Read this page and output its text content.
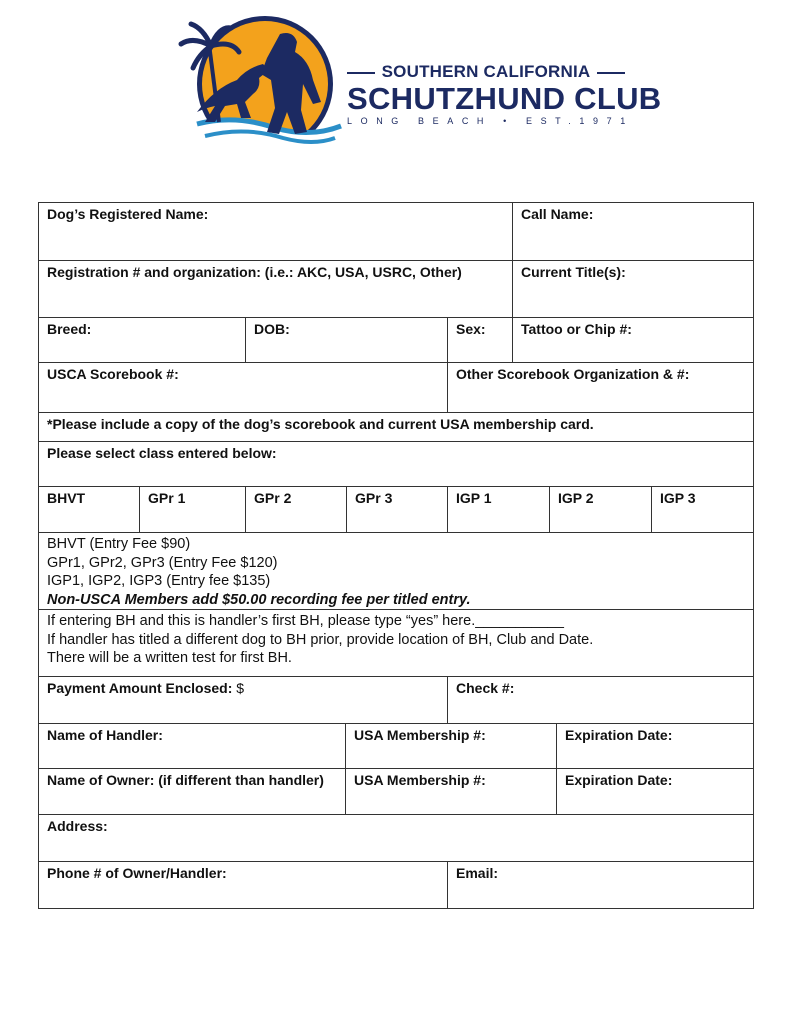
SOUTHERN CALIFORNIA
SCHUTZHUND CLUB
LONG BEACH • EST.1971
Dog’s Registered Name:	Call Name:
Registration # and organization: (i.e.: AKC, USA, USRC, Other)	Current Title(s):
Breed:	DOB:	Sex:	Tattoo or Chip #:
USCA Scorebook #:	Other Scorebook Organization & #:
*Please include a copy of the dog’s scorebook and current USA membership card.
Please select class entered below:
BHVT	GPr 1	GPr 2	GPr 3	IGP 1	IGP 2	IGP 3
BHVT (Entry Fee $90)
GPr1, GPr2, GPr3 (Entry Fee $120)
IGP1, IGP2, IGP3 (Entry fee $135)
Non-USCA Members add $50.00 recording fee per titled entry.
If entering BH and this is handler’s first BH, please type “yes” here.___________
If handler has titled a different dog to BH prior, provide location of BH, Club and Date.
There will be a written test for first BH.
Payment Amount Enclosed: $	Check #:
Name of Handler:	USA Membership #:	Expiration Date:
Name of Owner: (if different than handler)	USA Membership #:	Expiration Date:
Address:
Phone # of Owner/Handler:	Email:
